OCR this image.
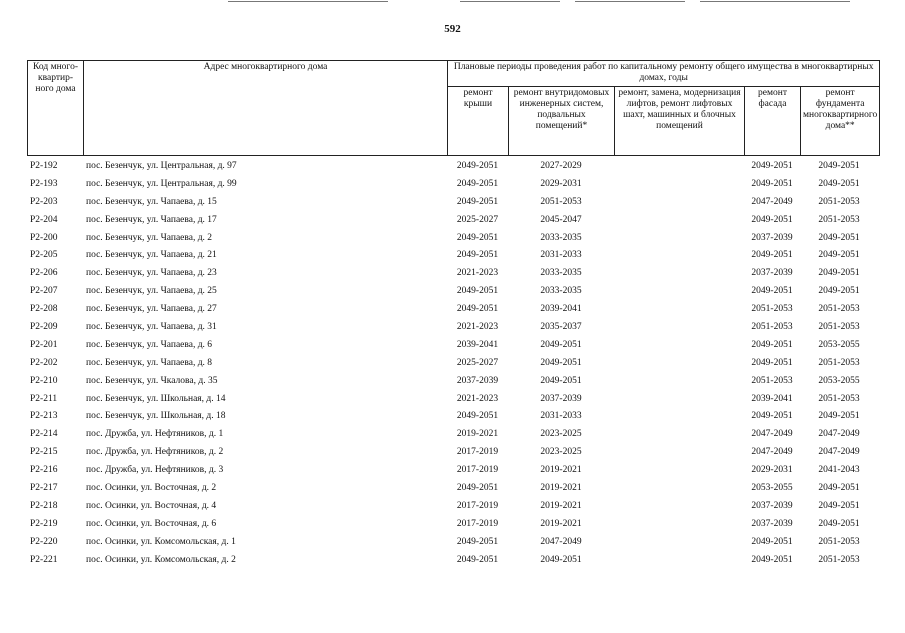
592
Код много-квартир-ного дома	Адрес многоквартирного дома	Плановые периоды проведения работ по капитальному ремонту общего имущества в многоквартирных домах, годы				
		ремонт крыши	ремонт внутридомовых инженерных систем, подвальных помещений*	ремонт, замена, модернизация лифтов, ремонт лифтовых шахт, машинных и блочных помещений	ремонт фасада	ремонт фундамента многоквартирного дома**
Р2-192	пос. Безенчук, ул. Центральная, д. 97	2049-2051	2027-2029		2049-2051	2049-2051
Р2-193	пос. Безенчук, ул. Центральная, д. 99	2049-2051	2029-2031		2049-2051	2049-2051
Р2-203	пос. Безенчук, ул. Чапаева, д. 15	2049-2051	2051-2053		2047-2049	2051-2053
Р2-204	пос. Безенчук, ул. Чапаева, д. 17	2025-2027	2045-2047		2049-2051	2051-2053
Р2-200	пос. Безенчук, ул. Чапаева, д. 2	2049-2051	2033-2035		2037-2039	2049-2051
Р2-205	пос. Безенчук, ул. Чапаева, д. 21	2049-2051	2031-2033		2049-2051	2049-2051
Р2-206	пос. Безенчук, ул. Чапаева, д. 23	2021-2023	2033-2035		2037-2039	2049-2051
Р2-207	пос. Безенчук, ул. Чапаева, д. 25	2049-2051	2033-2035		2049-2051	2049-2051
Р2-208	пос. Безенчук, ул. Чапаева, д. 27	2049-2051	2039-2041		2051-2053	2051-2053
Р2-209	пос. Безенчук, ул. Чапаева, д. 31	2021-2023	2035-2037		2051-2053	2051-2053
Р2-201	пос. Безенчук, ул. Чапаева, д. 6	2039-2041	2049-2051		2049-2051	2053-2055
Р2-202	пос. Безенчук, ул. Чапаева, д. 8	2025-2027	2049-2051		2049-2051	2051-2053
Р2-210	пос. Безенчук, ул. Чкалова, д. 35	2037-2039	2049-2051		2051-2053	2053-2055
Р2-211	пос. Безенчук, ул. Школьная, д. 14	2021-2023	2037-2039		2039-2041	2051-2053
Р2-213	пос. Безенчук, ул. Школьная, д. 18	2049-2051	2031-2033		2049-2051	2049-2051
Р2-214	пос. Дружба, ул. Нефтяников, д. 1	2019-2021	2023-2025		2047-2049	2047-2049
Р2-215	пос. Дружба, ул. Нефтяников, д. 2	2017-2019	2023-2025		2047-2049	2047-2049
Р2-216	пос. Дружба, ул. Нефтяников, д. 3	2017-2019	2019-2021		2029-2031	2041-2043
Р2-217	пос. Осинки, ул. Восточная, д. 2	2049-2051	2019-2021		2053-2055	2049-2051
Р2-218	пос. Осинки, ул. Восточная, д. 4	2017-2019	2019-2021		2037-2039	2049-2051
Р2-219	пос. Осинки, ул. Восточная, д. 6	2017-2019	2019-2021		2037-2039	2049-2051
Р2-220	пос. Осинки, ул. Комсомольская, д. 1	2049-2051	2047-2049		2049-2051	2051-2053
Р2-221	пос. Осинки, ул. Комсомольская, д. 2	2049-2051	2049-2051		2049-2051	2051-2053
